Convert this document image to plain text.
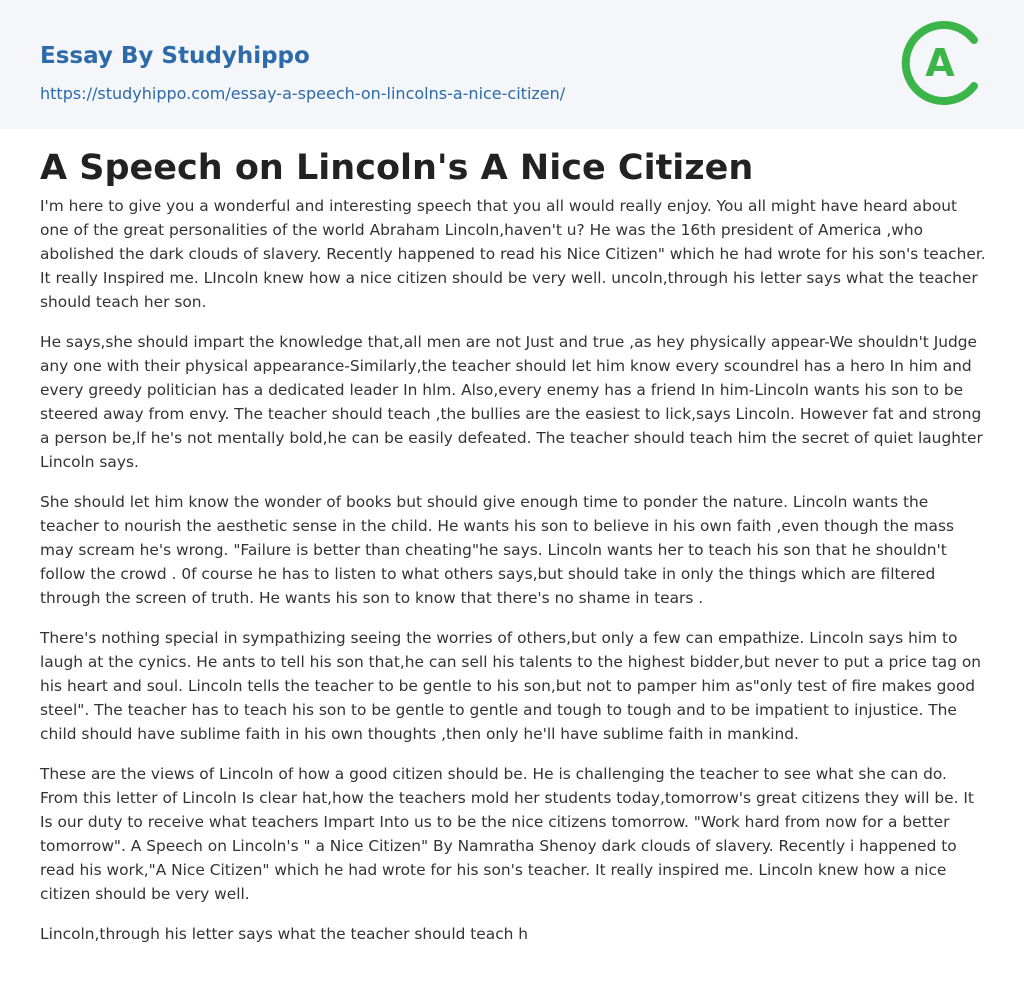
Essay By Studyhippo
https://studyhippo.com/essay-a-speech-on-lincolns-a-nice-citizen/
A
A Speech on Lincoln's A Nice Citizen

I'm here to give you a wonderful and interesting speech that you all would really enjoy. You all might have heard about one of the great personalities of the world Abraham Lincoln,haven't u? He was the 16th president of America ,who abolished the dark clouds of slavery. Recently happened to read his Nice Citizen" which he had wrote for his son's teacher. It really Inspired me. LIncoln knew how a nice citizen should be very well. uncoln,through his letter says what the teacher should teach her son.

He says,she should impart the knowledge that,all men are not Just and true ,as hey physically appear-We shouldn't Judge any one with their physical appearance-Similarly,the teacher should let him know every scoundrel has a hero In him and every greedy politician has a dedicated leader In hlm. Also,every enemy has a friend In him-Lincoln wants his son to be steered away from envy. The teacher should teach ,the bullies are the easiest to lick,says Lincoln. However fat and strong a person be,lf he's not mentally bold,he can be easily defeated. The teacher should teach him the secret of quiet laughter Lincoln says.

She should let him know the wonder of books but should give enough time to ponder the nature. Lincoln wants the teacher to nourish the aesthetic sense in the child. He wants his son to believe in his own faith ,even though the mass may scream he's wrong. "Failure is better than cheating"he says. Lincoln wants her to teach his son that he shouldn't follow the crowd . 0f course he has to listen to what others says,but should take in only the things which are filtered through the screen of truth. He wants his son to know that there's no shame in tears .

There's nothing special in sympathizing seeing the worries of others,but only a few can empathize. Lincoln says him to laugh at the cynics. He ants to tell his son that,he can sell his talents to the highest bidder,but never to put a price tag on his heart and soul. Lincoln tells the teacher to be gentle to his son,but not to pamper him as"only test of fire makes good steel". The teacher has to teach his son to be gentle to gentle and tough to tough and to be impatient to injustice. The child should have sublime faith in his own thoughts ,then only he'll have sublime faith in mankind.

These are the views of Lincoln of how a good citizen should be. He is challenging the teacher to see what she can do. From this letter of Lincoln Is clear hat,how the teachers mold her students today,tomorrow's great citizens they will be. It Is our duty to receive what teachers Impart Into us to be the nice citizens tomorrow. "Work hard from now for a better tomorrow". A Speech on Lincoln's " a Nice Citizen" By Namratha Shenoy dark clouds of slavery. Recently i happened to read his work,"A Nice Citizen" which he had wrote for his son's teacher. It really inspired me. Lincoln knew how a nice citizen should be very well.

Lincoln,through his letter says what the teacher should teach h
